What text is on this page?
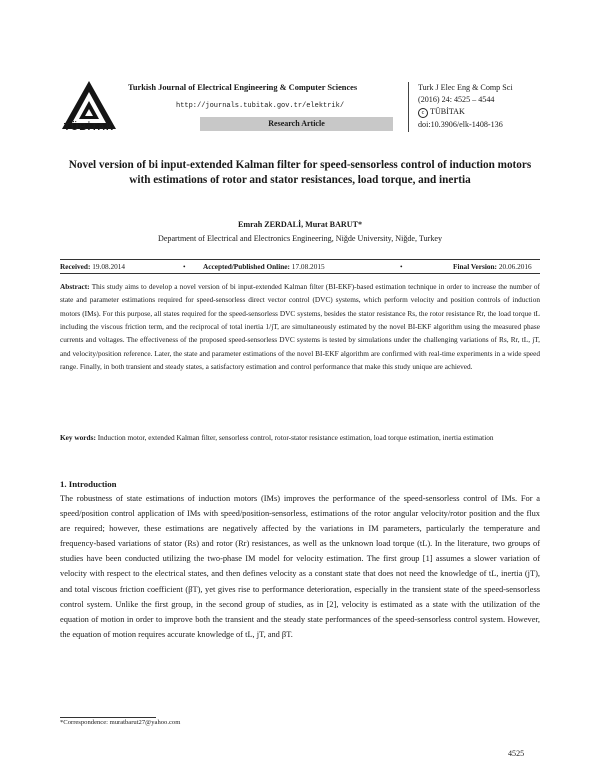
TÜBİTAK
Turkish Journal of Electrical Engineering & Computer Sciences
http://journals.tubitak.gov.tr/elektrik/
Research Article
Turk J Elec Eng & Comp Sci
(2016) 24: 4525 – 4544
c TÜBİTAK
doi:10.3906/elk-1408-136
Novel version of bi input-extended Kalman filter for speed-sensorless control of induction motors with estimations of rotor and stator resistances, load torque, and inertia
Emrah ZERDALİ, Murat BARUT*
Department of Electrical and Electronics Engineering, Niğde University, Niğde, Turkey
Received: 19.08.2014	• Accepted/Published Online: 17.08.2015	•	Final Version: 20.06.2016
Abstract: This study aims to develop a novel version of bi input-extended Kalman filter (BI-EKF)-based estimation technique in order to increase the number of state and parameter estimations required for speed-sensorless direct vector control (DVC) systems, which perform velocity and position controls of induction motors (IMs). For this purpose, all states required for the speed-sensorless DVC systems, besides the stator resistance Rs, the rotor resistance Rr, the load torque tL including the viscous friction term, and the reciprocal of total inertia 1/jT, are simultaneously estimated by the novel BI-EKF algorithm using the measured phase currents and voltages. The effectiveness of the proposed speed-sensorless DVC systems is tested by simulations under the challenging variations of Rs, Rr, tL, jT, and velocity/position reference. Later, the state and parameter estimations of the novel BI-EKF algorithm are confirmed with real-time experiments in a wide speed range. Finally, in both transient and steady states, a satisfactory estimation and control performance that make this study unique are achieved.
Key words: Induction motor, extended Kalman filter, sensorless control, rotor-stator resistance estimation, load torque estimation, inertia estimation
1. Introduction
The robustness of state estimations of induction motors (IMs) improves the performance of the speed-sensorless control of IMs. For a speed/position control application of IMs with speed/position-sensorless, estimations of the rotor angular velocity/rotor position and the flux are required; however, these estimations are negatively affected by the variations in IM parameters, particularly the temperature and frequency-based variations of stator (Rs) and rotor (Rr) resistances, as well as the unknown load torque (tL). In the literature, two groups of studies have been conducted utilizing the two-phase IM model for velocity estimation. The first group [1] assumes a slower variation of velocity with respect to the electrical states, and then defines velocity as a constant state that does not need the knowledge of tL, inertia (jT), and total viscous friction coefficient (βT), yet gives rise to performance deterioration, especially in the transient state of the speed-sensorless control system. Unlike the first group, in the second group of studies, as in [2], velocity is estimated as a state with the utilization of the equation of motion in order to improve both the transient and the steady state performances of the speed-sensorless control system. However, the equation of motion requires accurate knowledge of tL, jT, and βT.
*Correspondence: muratbarut27@yahoo.com
4525
